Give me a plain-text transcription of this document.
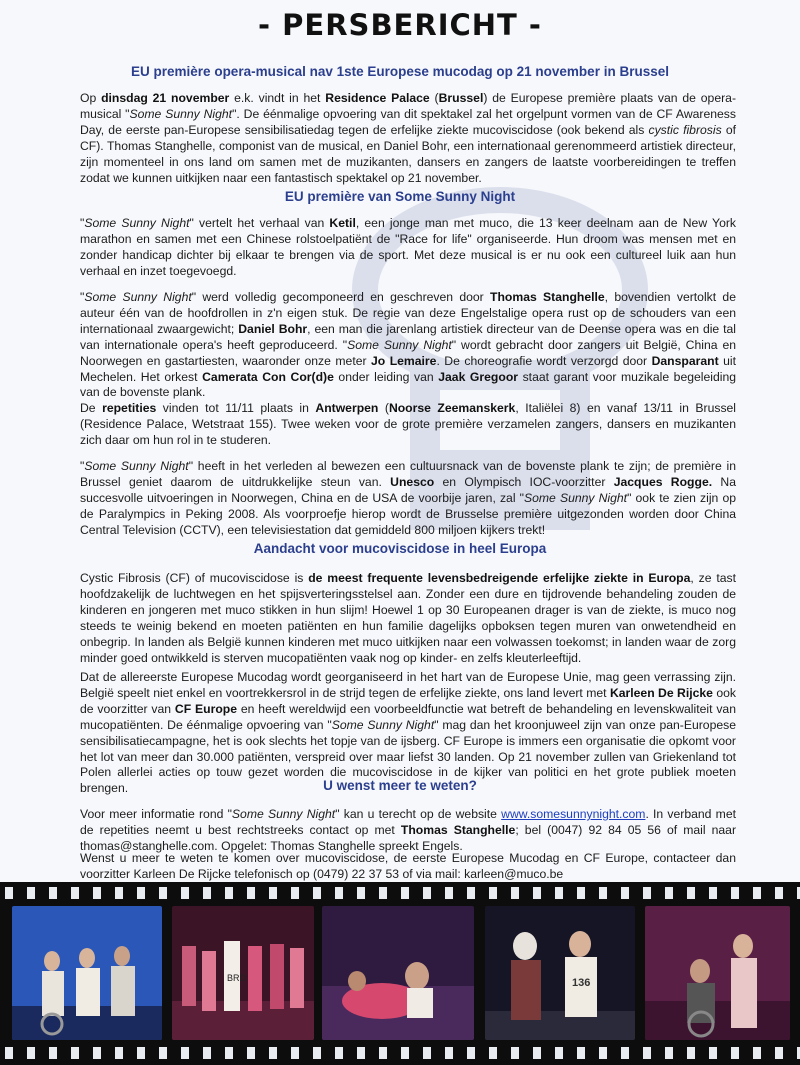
- PERSBERICHT -
EU première opera-musical nav 1ste Europese mucodag op 21 november in Brussel
Op dinsdag 21 november e.k. vindt in het Residence Palace (Brussel) de Europese première plaats van de opera-musical "Some Sunny Night". De éénmalige opvoering van dit spektakel zal het orgelpunt vormen van de CF Awareness Day, de eerste pan-Europese sensibilisatiedag tegen de erfelijke ziekte mucoviscidose (ook bekend als cystic fibrosis of CF). Thomas Stanghelle, componist van de musical, en Daniel Bohr, een internationaal gerenommeerd artistiek directeur, zijn momenteel in ons land om samen met de muzikanten, dansers en zangers de laatste voorbereidingen te treffen zodat we kunnen uitkijken naar een fantastisch spektakel op 21 november.
EU première van Some Sunny Night
"Some Sunny Night" vertelt het verhaal van Ketil, een jonge man met muco, die 13 keer deelnam aan de New York marathon en samen met een Chinese rolstoelpatiënt de "Race for life" organiseerde. Hun droom was mensen met en zonder handicap dichter bij elkaar te brengen via de sport. Met deze musical is er nu ook een cultureel luik aan hun verhaal en inzet toegevoegd.
"Some Sunny Night" werd volledig gecomponeerd en geschreven door Thomas Stanghelle, bovendien vertolkt de auteur één van de hoofdrollen in z'n eigen stuk. De regie van deze Engelstalige opera rust op de schouders van een internationaal zwaargewicht; Daniel Bohr, een man die jarenlang artistiek directeur van de Deense opera was en die tal van internationale opera's heeft geproduceerd. "Some Sunny Night" wordt gebracht door zangers uit België, China en Noorwegen en gastartiesten, waaronder onze meter Jo Lemaire. De choreografie wordt verzorgd door Dansparant uit Mechelen. Het orkest Camerata Con Cor(d)e onder leiding van Jaak Gregoor staat garant voor muzikale begeleiding van de bovenste plank.
De repetities vinden tot 11/11 plaats in Antwerpen (Noorse Zeemanskerk, Italiëlei 8) en vanaf 13/11 in Brussel (Residence Palace, Wetstraat 155). Twee weken voor de grote première verzamelen zangers, dansers en muzikanten zich daar om hun rol in te studeren.
"Some Sunny Night" heeft in het verleden al bewezen een cultuursnack van de bovenste plank te zijn; de première in Brussel geniet daarom de uitdrukkelijke steun van. Unesco en Olympisch IOC-voorzitter Jacques Rogge. Na succesvolle uitvoeringen in Noorwegen, China en de USA de voorbije jaren, zal "Some Sunny Night" ook te zien zijn op de Paralympics in Peking 2008. Als voorproefje hierop wordt de Brusselse première uitgezonden worden door China Central Television (CCTV), een televisiestation dat gemiddeld 800 miljoen kijkers trekt!
Aandacht voor mucoviscidose in heel Europa
Cystic Fibrosis (CF) of mucoviscidose is de meest frequente levensbedreigende erfelijke ziekte in Europa, ze tast hoofdzakelijk de luchtwegen en het spijsverteringsstelsel aan. Zonder een dure en tijdrovende behandeling zouden de kinderen en jongeren met muco stikken in hun slijm! Hoewel 1 op 30 Europeanen drager is van de ziekte, is muco nog steeds te weinig bekend en moeten patiënten en hun familie dagelijks opboksen tegen muren van onwetendheid en onbegrip. In landen als België kunnen kinderen met muco uitkijken naar een volwassen toekomst; in landen waar de zorg minder goed ontwikkeld is sterven mucopatiënten vaak nog op kinder- en zelfs kleuterleeftijd.
Dat de allereerste Europese Mucodag wordt georganiseerd in het hart van de Europese Unie, mag geen verrassing zijn. België speelt niet enkel en voortrekkersrol in de strijd tegen de erfelijke ziekte, ons land levert met Karleen De Rijcke ook de voorzitter van CF Europe en heeft wereldwijd een voorbeeldfunctie wat betreft de behandeling en levenskwaliteit van mucopatiënten. De éénmalige opvoering van "Some Sunny Night" mag dan het kroonjuweel zijn van onze pan-Europese sensibilisatiecampagne, het is ook slechts het topje van de ijsberg. CF Europe is immers een organisatie die opkomt voor het lot van meer dan 30.000 patiënten, verspreid over maar liefst 30 landen. Op 21 november zullen van Griekenland tot Polen allerlei acties op touw gezet worden die mucoviscidose in de kijker van politici en het grote publiek moeten brengen.	U wenst meer te weten?
Voor meer informatie rond "Some Sunny Night" kan u terecht op de website www.somesunnynight.com. In verband met de repetities neemt u best rechtstreeks contact op met Thomas Stanghelle; bel (0047) 92 84 05 56 of mail naar thomas@stanghelle.com. Opgelet: Thomas Stanghelle spreekt Engels.
Wenst u meer te weten te komen over mucoviscidose, de eerste Europese Mucodag en CF Europe, contacteer dan voorzitter Karleen De Rijcke telefonisch op (0479) 22 37 53 of via mail: karleen@muco.be
BRD	136
